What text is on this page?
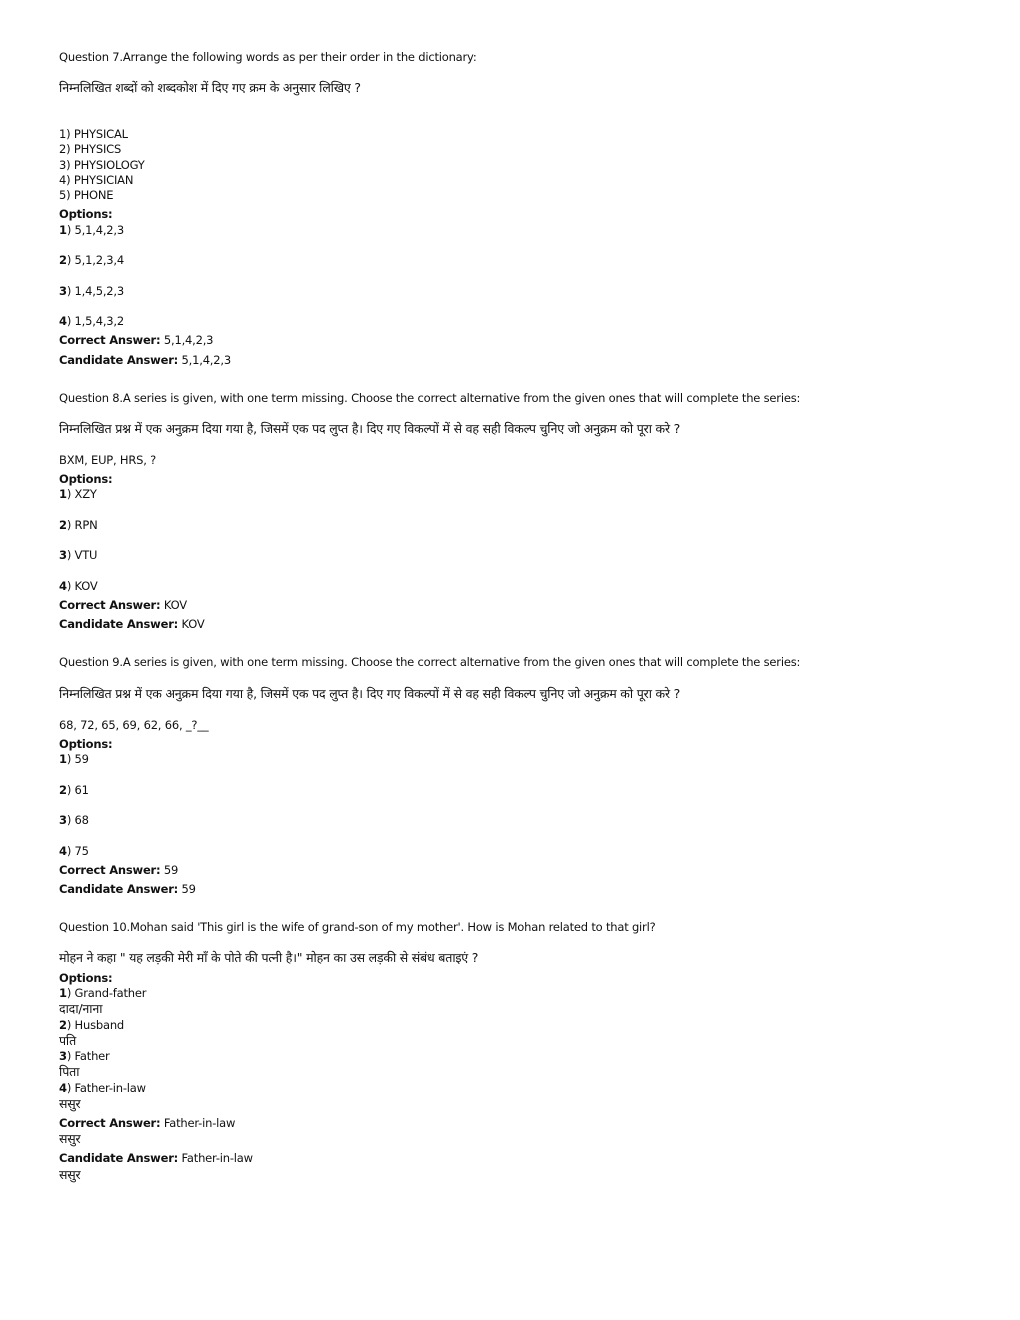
Question 7.Arrange the following words as per their order in the dictionary:
निम्नलिखित शब्दों को शब्दकोश में दिए गए क्रम के अनुसार लिखिए ?
1) PHYSICAL
2) PHYSICS
3) PHYSIOLOGY
4) PHYSICIAN
5) PHONE
Options:
1) 5,1,4,2,3
2) 5,1,2,3,4
3) 1,4,5,2,3
4) 1,5,4,3,2
Correct Answer: 5,1,4,2,3
Candidate Answer: 5,1,4,2,3
Question 8.A series is given, with one term missing. Choose the correct alternative from the given ones that will complete the series:
निम्नलिखित प्रश्न में एक अनुक्रम दिया गया है, जिसमें एक पद लुप्त है। दिए गए विकल्पों में से वह सही विकल्प चुनिए जो अनुक्रम को पूरा करे ?
BXM, EUP, HRS, ?
Options:
1) XZY
2) RPN
3) VTU
4) KOV
Correct Answer: KOV
Candidate Answer: KOV
Question 9.A series is given, with one term missing. Choose the correct alternative from the given ones that will complete the series:
निम्नलिखित प्रश्न में एक अनुक्रम दिया गया है, जिसमें एक पद लुप्त है। दिए गए विकल्पों में से वह सही विकल्प चुनिए जो अनुक्रम को पूरा करे ?
68, 72, 65, 69, 62, 66, _?__
Options:
1) 59
2) 61
3) 68
4) 75
Correct Answer: 59
Candidate Answer: 59
Question 10.Mohan said 'This girl is the wife of grand-son of my mother'. How is Mohan related to that girl?
मोहन ने कहा " यह लड़की मेरी माँ के पोते की पत्नी है।" मोहन का उस लड़की से संबंध बताइएं ?
Options:
1) Grand-father
दादा/नाना
2) Husband
पति
3) Father
पिता
4) Father-in-law
ससुर
Correct Answer: Father-in-law
ससुर
Candidate Answer: Father-in-law
ससुर
